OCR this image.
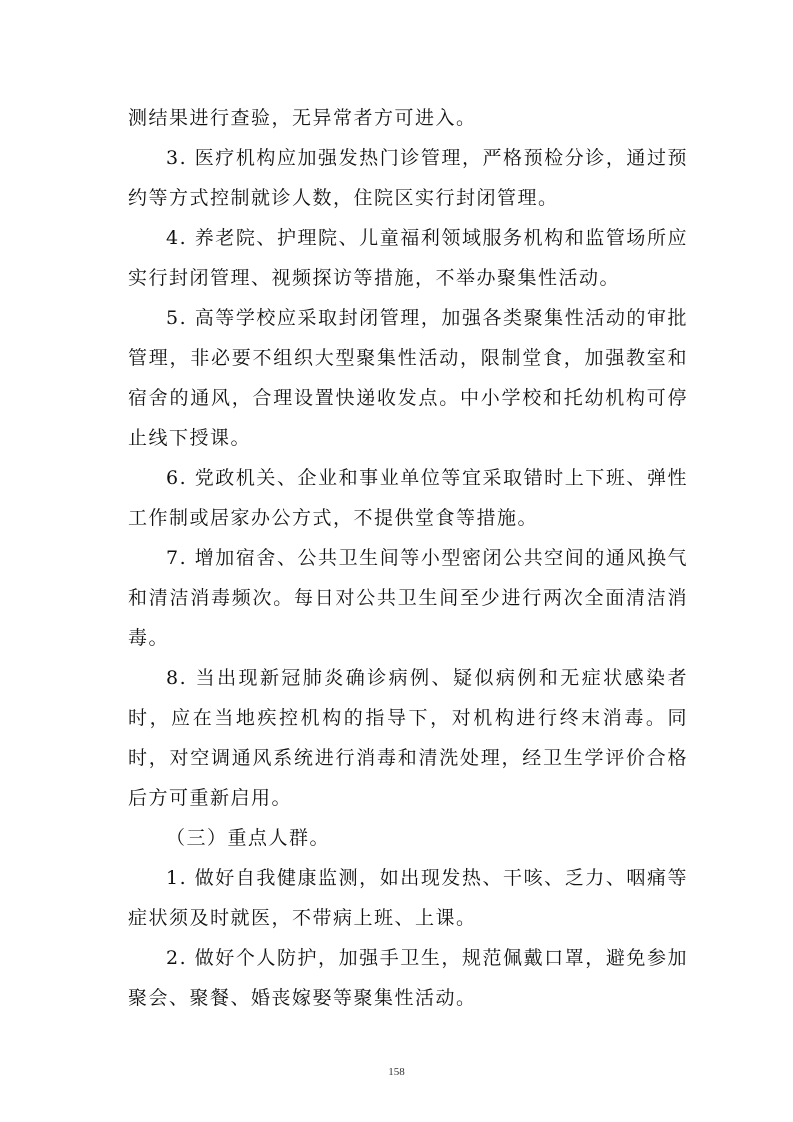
测结果进行查验，无异常者方可进入。

3. 医疗机构应加强发热门诊管理，严格预检分诊，通过预约等方式控制就诊人数，住院区实行封闭管理。

4. 养老院、护理院、儿童福利领域服务机构和监管场所应实行封闭管理、视频探访等措施，不举办聚集性活动。

5. 高等学校应采取封闭管理，加强各类聚集性活动的审批管理，非必要不组织大型聚集性活动，限制堂食，加强教室和宿舍的通风，合理设置快递收发点。中小学校和托幼机构可停止线下授课。

6. 党政机关、企业和事业单位等宜采取错时上下班、弹性工作制或居家办公方式，不提供堂食等措施。

7. 增加宿舍、公共卫生间等小型密闭公共空间的通风换气和清洁消毒频次。每日对公共卫生间至少进行两次全面清洁消毒。

8. 当出现新冠肺炎确诊病例、疑似病例和无症状感染者时，应在当地疾控机构的指导下，对机构进行终末消毒。同时，对空调通风系统进行消毒和清洗处理，经卫生学评价合格后方可重新启用。

（三）重点人群。

1. 做好自我健康监测，如出现发热、干咳、乏力、咽痛等症状须及时就医，不带病上班、上课。

2. 做好个人防护，加强手卫生，规范佩戴口罩，避免参加聚会、聚餐、婚丧嫁娶等聚集性活动。

158
